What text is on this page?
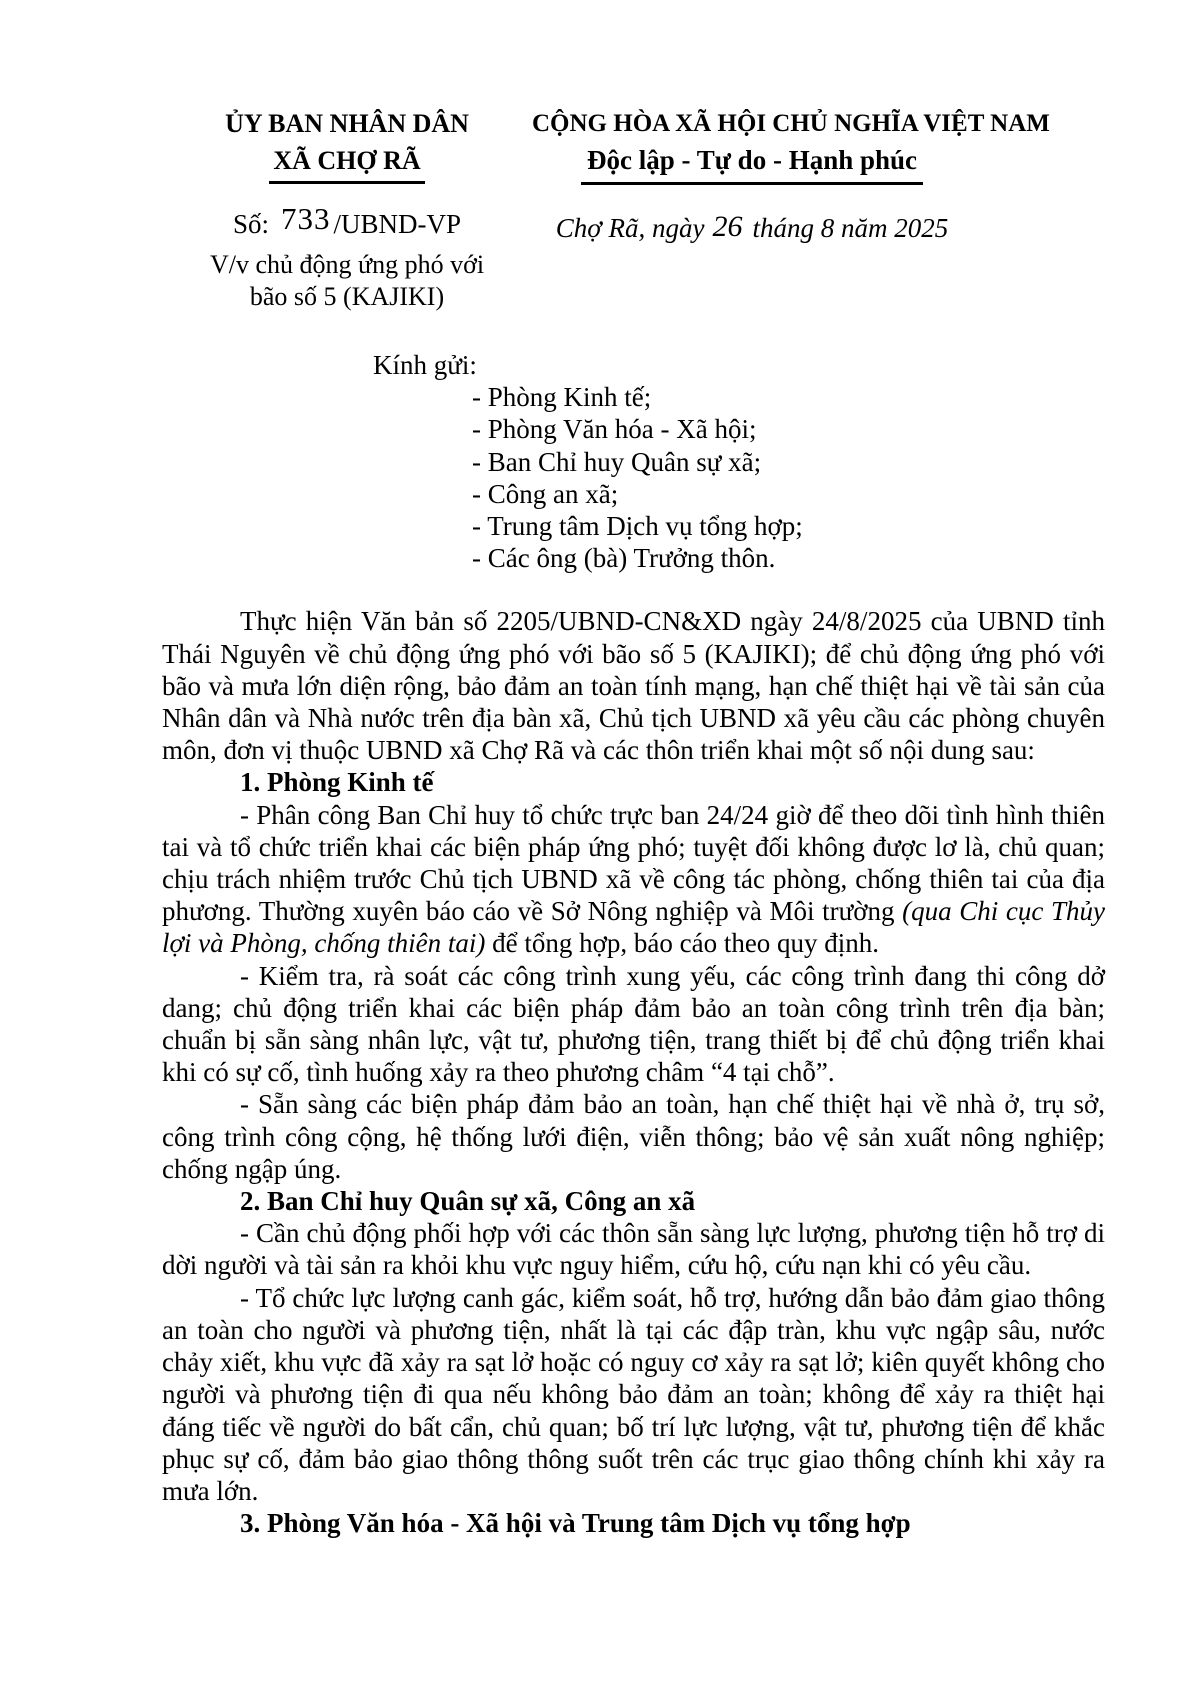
ỦY BAN NHÂN DÂN
XÃ CHỢ RÃ
Số: 733 /UBND-VP
V/v chủ động ứng phó với
bão số 5 (KAJIKI)
CỘNG HÒA XÃ HỘI CHỦ NGHĨA VIỆT NAM
Độc lập - Tự do - Hạnh phúc
Chợ Rã, ngày 26 tháng 8 năm 2025
Kính gửi:
- Phòng Kinh tế;
- Phòng Văn hóa - Xã hội;
- Ban Chỉ huy Quân sự xã;
- Công an xã;
- Trung tâm Dịch vụ tổng hợp;
- Các ông (bà) Trưởng thôn.

Thực hiện Văn bản số 2205/UBND-CN&XD ngày 24/8/2025 của UBND tỉnh Thái Nguyên về chủ động ứng phó với bão số 5 (KAJIKI); để chủ động ứng phó với bão và mưa lớn diện rộng, bảo đảm an toàn tính mạng, hạn chế thiệt hại về tài sản của Nhân dân và Nhà nước trên địa bàn xã, Chủ tịch UBND xã yêu cầu các phòng chuyên môn, đơn vị thuộc UBND xã Chợ Rã và các thôn triển khai một số nội dung sau:

1. Phòng Kinh tế

- Phân công Ban Chỉ huy tổ chức trực ban 24/24 giờ để theo dõi tình hình thiên tai và tổ chức triển khai các biện pháp ứng phó; tuyệt đối không được lơ là, chủ quan; chịu trách nhiệm trước Chủ tịch UBND xã về công tác phòng, chống thiên tai của địa phương. Thường xuyên báo cáo về Sở Nông nghiệp và Môi trường (qua Chi cục Thủy lợi và Phòng, chống thiên tai) để tổng hợp, báo cáo theo quy định.

- Kiểm tra, rà soát các công trình xung yếu, các công trình đang thi công dở dang; chủ động triển khai các biện pháp đảm bảo an toàn công trình trên địa bàn; chuẩn bị sẵn sàng nhân lực, vật tư, phương tiện, trang thiết bị để chủ động triển khai khi có sự cố, tình huống xảy ra theo phương châm “4 tại chỗ”.

- Sẵn sàng các biện pháp đảm bảo an toàn, hạn chế thiệt hại về nhà ở, trụ sở, công trình công cộng, hệ thống lưới điện, viễn thông; bảo vệ sản xuất nông nghiệp; chống ngập úng.

2. Ban Chỉ huy Quân sự xã, Công an xã

- Cần chủ động phối hợp với các thôn sẵn sàng lực lượng, phương tiện hỗ trợ di dời người và tài sản ra khỏi khu vực nguy hiểm, cứu hộ, cứu nạn khi có yêu cầu.

- Tổ chức lực lượng canh gác, kiểm soát, hỗ trợ, hướng dẫn bảo đảm giao thông an toàn cho người và phương tiện, nhất là tại các đập tràn, khu vực ngập sâu, nước chảy xiết, khu vực đã xảy ra sạt lở hoặc có nguy cơ xảy ra sạt lở; kiên quyết không cho người và phương tiện đi qua nếu không bảo đảm an toàn; không để xảy ra thiệt hại đáng tiếc về người do bất cẩn, chủ quan; bố trí lực lượng, vật tư, phương tiện để khắc phục sự cố, đảm bảo giao thông thông suốt trên các trục giao thông chính khi xảy ra mưa lớn.

3. Phòng Văn hóa - Xã hội và Trung tâm Dịch vụ tổng hợp
